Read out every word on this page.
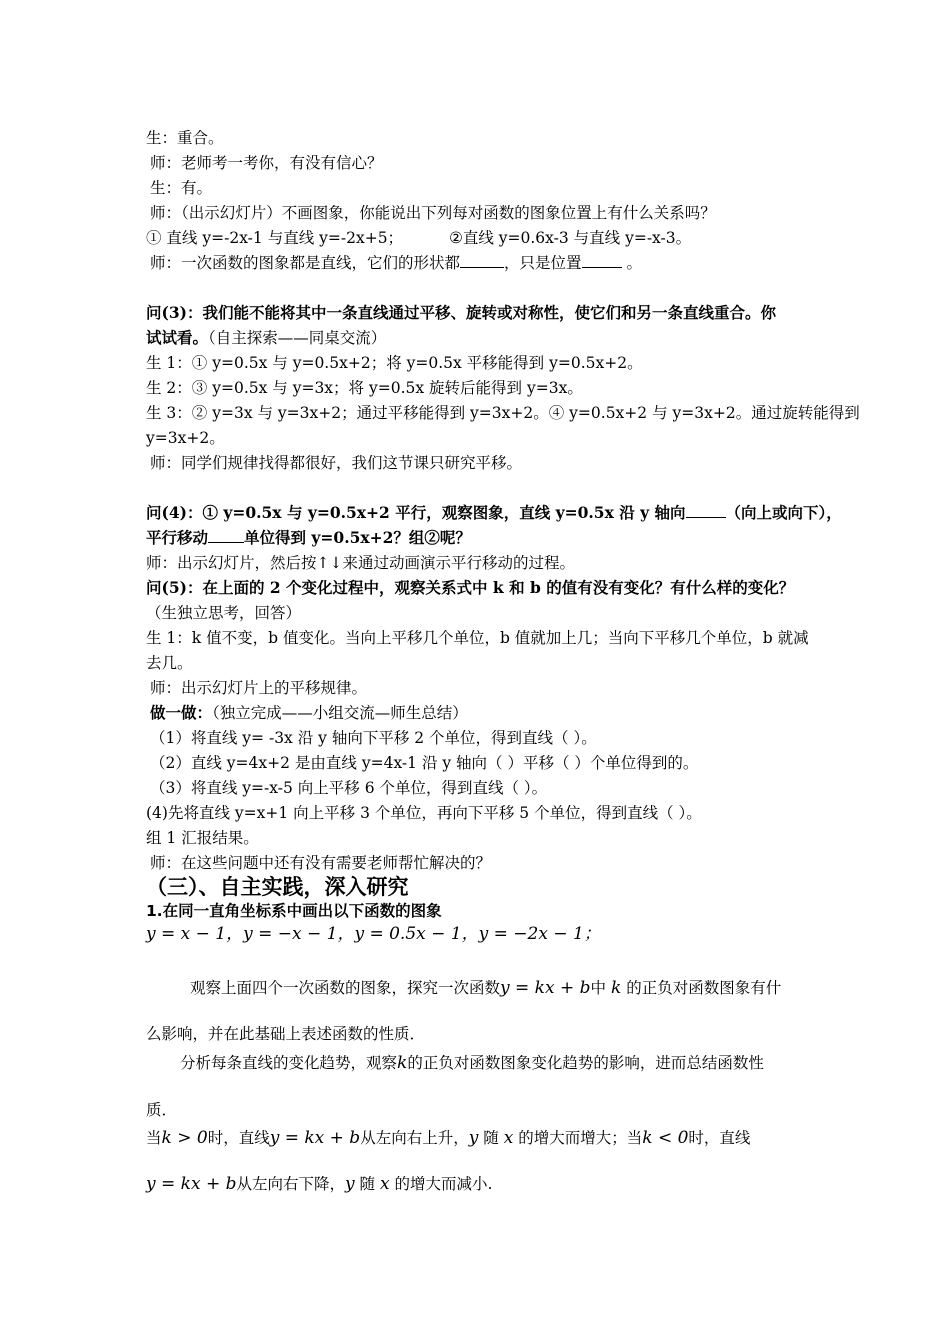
生：重合。
师：老师考一考你，有没有信心？
生：有。
师：（出示幻灯片）不画图象，你能说出下列每对函数的图象位置上有什么关系吗？
① 直线 y=-2x-1 与直线 y=-2x+5；	②直线 y=0.6x-3 与直线 y=-x-3。
师：一次函数的图象都是直线，它们的形状都	，只是位置	。
问(3)：我们能不能将其中一条直线通过平移、旋转或对称性，使它们和另一条直线重合。你
试试看。（自主探索——同桌交流）
生 1：① y=0.5x 与 y=0.5x+2；将 y=0.5x 平移能得到 y=0.5x+2。
生 2：③ y=0.5x 与 y=3x；将 y=0.5x 旋转后能得到 y=3x。
生 3：② y=3x 与 y=3x+2；通过平移能得到 y=3x+2。④ y=0.5x+2 与 y=3x+2。通过旋转能得到
y=3x+2。
师：同学们规律找得都很好，我们这节课只研究平移。
问(4)：① y=0.5x 与 y=0.5x+2 平行，观察图象，直线 y=0.5x 沿 y 轴向	（向上或向下），
平行移动 单位得到 y=0.5x+2？组②呢？
师：出示幻灯片，然后按↑↓来通过动画演示平行移动的过程。
问(5)：在上面的 2 个变化过程中，观察关系式中 k 和 b 的值有没有变化？有什么样的变化？
（生独立思考，回答）
生 1：k 值不变，b 值变化。当向上平移几个单位，b 值就加上几；当向下平移几个单位，b 就减
去几。
师：出示幻灯片上的平移规律。
做一做：（独立完成——小组交流—师生总结）
（1）将直线 y= -3x 沿 y 轴向下平移 2 个单位，得到直线（ ）。
（2）直线 y=4x+2 是由直线 y=4x-1 沿 y 轴向（ ）平移（ ）个单位得到的。
（3）将直线 y=-x-5 向上平移 6 个单位，得到直线（ ）。
(4)先将直线 y=x+1 向上平移 3 个单位，再向下平移 5 个单位，得到直线（ ）。
组 1 汇报结果。
师：在这些问题中还有没有需要老师帮忙解决的？
（三）、自主实践，深入研究
1.在同一直角坐标系中画出以下函数的图象
y = x − 1，y = −x − 1，y = 0.5x − 1，y = −2x − 1；
观察上面四个一次函数的图象，探究一次函数y = kx + b中 k 的正负对函数图象有什
么影响，并在此基础上表述函数的性质．
分析每条直线的变化趋势，观察k的正负对函数图象变化趋势的影响，进而总结函数性
质．
当k > 0时，直线y = kx + b从左向右上升，y 随 x 的增大而增大；当k < 0时，直线
y = kx + b从左向右下降，y 随 x 的增大而减小.
